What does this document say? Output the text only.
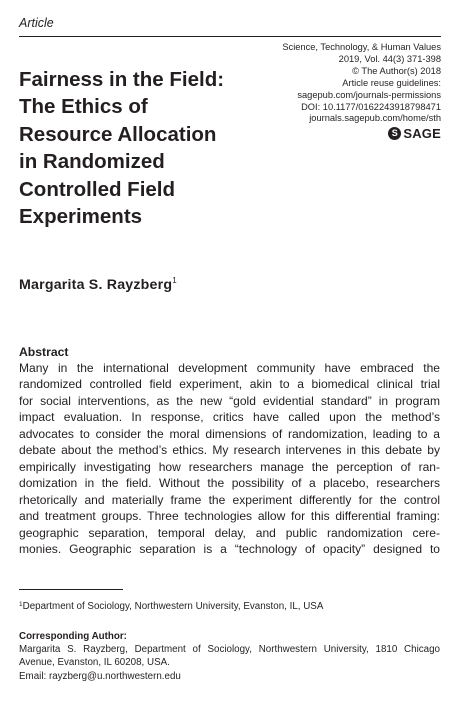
Article
Science, Technology, & Human Values
2019, Vol. 44(3) 371-398
© The Author(s) 2018
Article reuse guidelines:
sagepub.com/journals-permissions
DOI: 10.1177/0162243918798471
journals.sagepub.com/home/sth
S
SAGE
Fairness in the Field:
The Ethics of
Resource Allocation
in Randomized
Controlled Field
Experiments
Margarita S. Rayzberg$^1$
Abstract
Many in the international development community have embraced the
randomized controlled field experiment, akin to a biomedical clinical trial
for social interventions, as the new “gold evidential standard” in program
impact evaluation. In response, critics have called upon the method’s
advocates to consider the moral dimensions of randomization, leading to a
debate about the method’s ethics. My research intervenes in this debate by
empirically investigating how researchers manage the perception of ran-
domization in the field. Without the possibility of a placebo, researchers
rhetorically and materially frame the experiment differently for the control
and treatment groups. Three technologies allow for this differential framing:
geographic separation, temporal delay, and public randomization cere-
monies. Geographic separation is a “technology of opacity” designed to
$^1$Department of Sociology, Northwestern University, Evanston, IL, USA
Corresponding Author:
Margarita S. Rayzberg, Department of Sociology, Northwestern University, 1810 Chicago
Avenue, Evanston, IL 60208, USA.
Email: rayzberg@u.northwestern.edu
